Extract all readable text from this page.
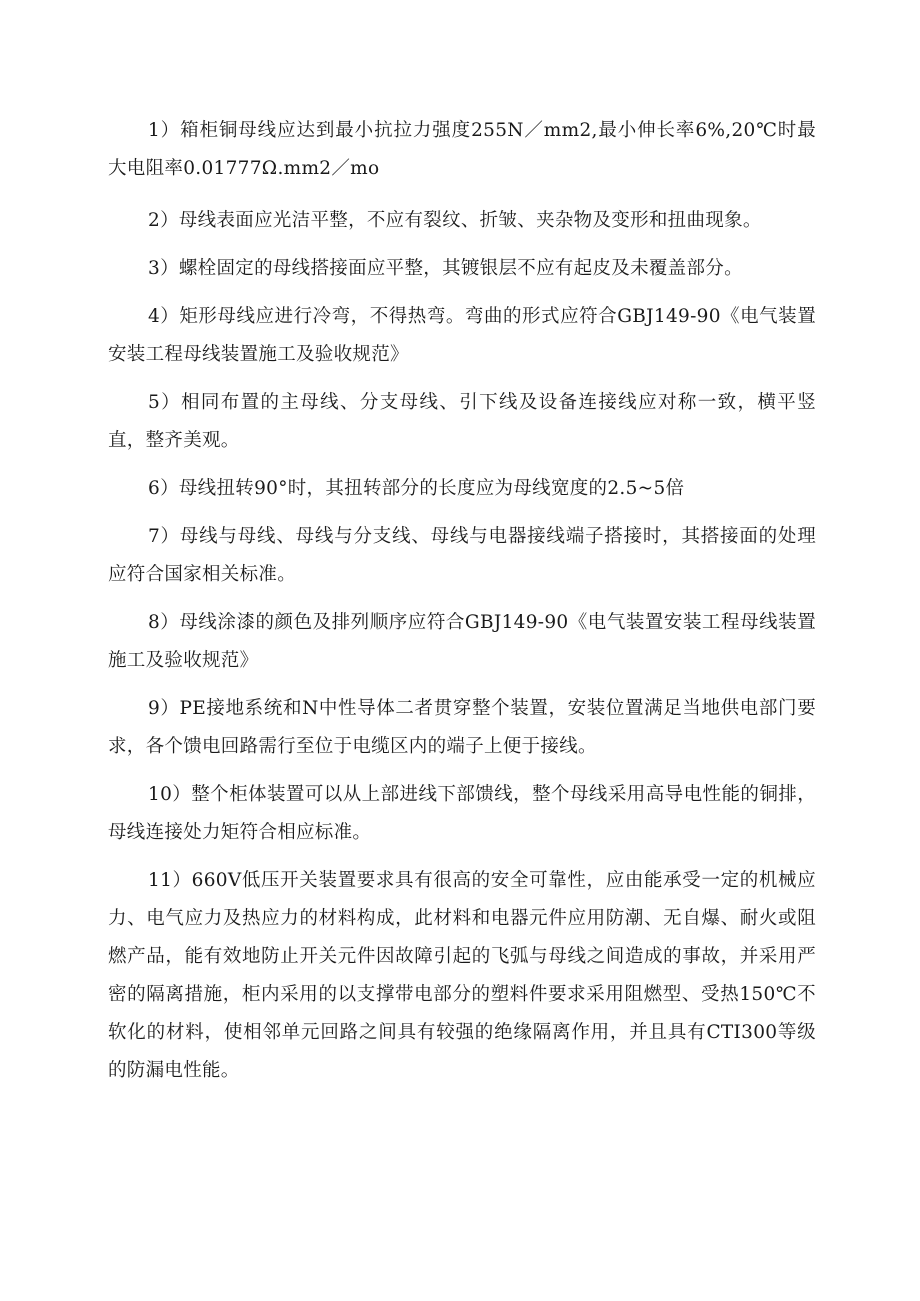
1）箱柜铜母线应达到最小抗拉力强度255N／mm2,最小伸长率6%,20℃时最大电阻率0.01777Ω.mm2／mo

2）母线表面应光洁平整，不应有裂纹、折皱、夹杂物及变形和扭曲现象。

3）螺栓固定的母线搭接面应平整，其镀银层不应有起皮及未覆盖部分。

4）矩形母线应进行冷弯，不得热弯。弯曲的形式应符合GBJ149-90《电气装置安装工程母线装置施工及验收规范》

5）相同布置的主母线、分支母线、引下线及设备连接线应对称一致，横平竖直，整齐美观。

6）母线扭转90°时，其扭转部分的长度应为母线宽度的2.5~5倍

7）母线与母线、母线与分支线、母线与电器接线端子搭接时，其搭接面的处理应符合国家相关标准。

8）母线涂漆的颜色及排列顺序应符合GBJ149-90《电气装置安装工程母线装置施工及验收规范》

9）PE接地系统和N中性导体二者贯穿整个装置，安装位置满足当地供电部门要求，各个馈电回路需行至位于电缆区内的端子上便于接线。

10）整个柜体装置可以从上部进线下部馈线，整个母线采用高导电性能的铜排，母线连接处力矩符合相应标准。

11）660V低压开关装置要求具有很高的安全可靠性，应由能承受一定的机械应力、电气应力及热应力的材料构成，此材料和电器元件应用防潮、无自爆、耐火或阻燃产品，能有效地防止开关元件因故障引起的飞弧与母线之间造成的事故，并采用严密的隔离措施，柜内采用的以支撑带电部分的塑料件要求采用阻燃型、受热150℃不软化的材料，使相邻单元回路之间具有较强的绝缘隔离作用，并且具有CTI300等级的防漏电性能。
